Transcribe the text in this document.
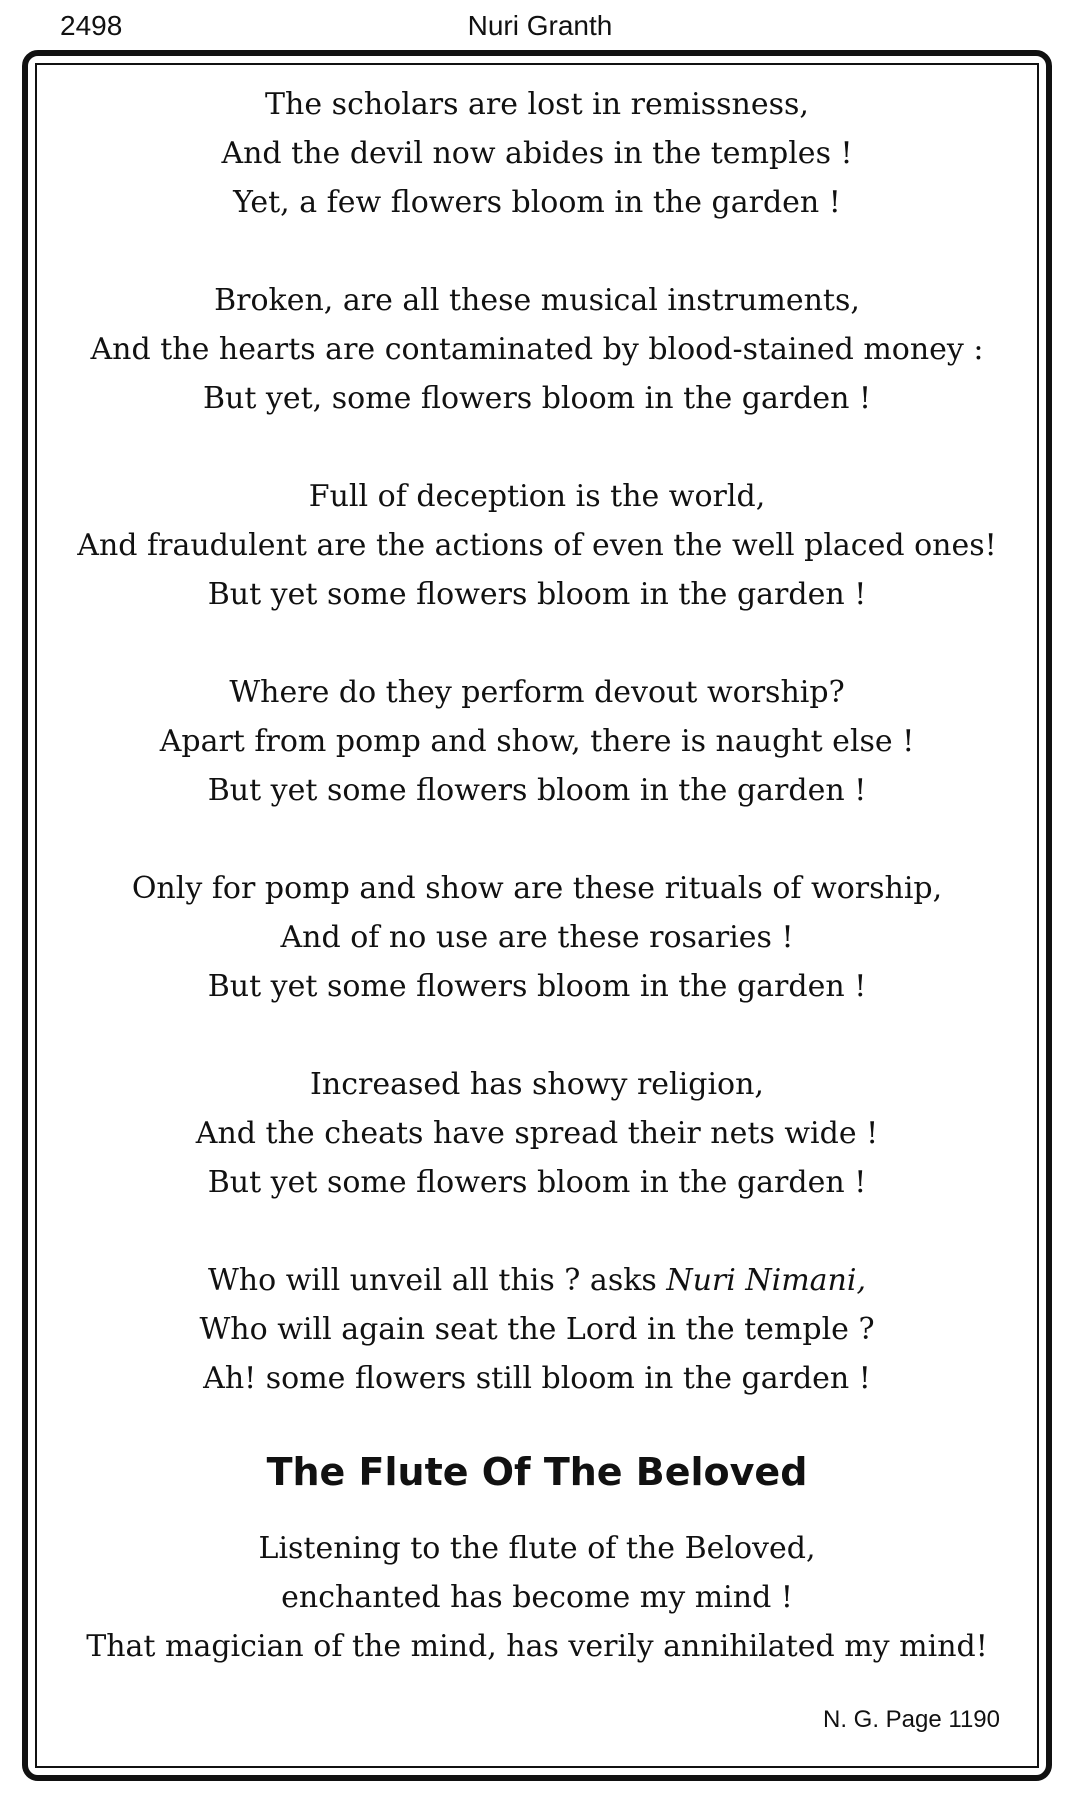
2498	Nuri Granth
The scholars are lost in remissness,
And the devil now abides in the temples !
Yet, a few flowers bloom in the garden !
Broken, are all these musical instruments,
And the hearts are contaminated by blood-stained money :
But yet, some flowers bloom in the garden !
Full of deception is the world,
And fraudulent are the actions of even the well placed ones!
But yet some flowers bloom in the garden !
Where do they perform devout worship?
Apart from pomp and show, there is naught else !
But yet some flowers bloom in the garden !
Only for pomp and show are these rituals of worship,
And of no use are these rosaries !
But yet some flowers bloom in the garden !
Increased has showy religion,
And the cheats have spread their nets wide !
But yet some flowers bloom in the garden !
Who will unveil all this ? asks Nuri Nimani,
Who will again seat the Lord in the temple ?
Ah! some flowers still bloom in the garden !
The Flute Of The Beloved
Listening to the flute of the Beloved,
enchanted has become my mind !
That magician of the mind, has verily annihilated my mind!
N. G. Page 1190
